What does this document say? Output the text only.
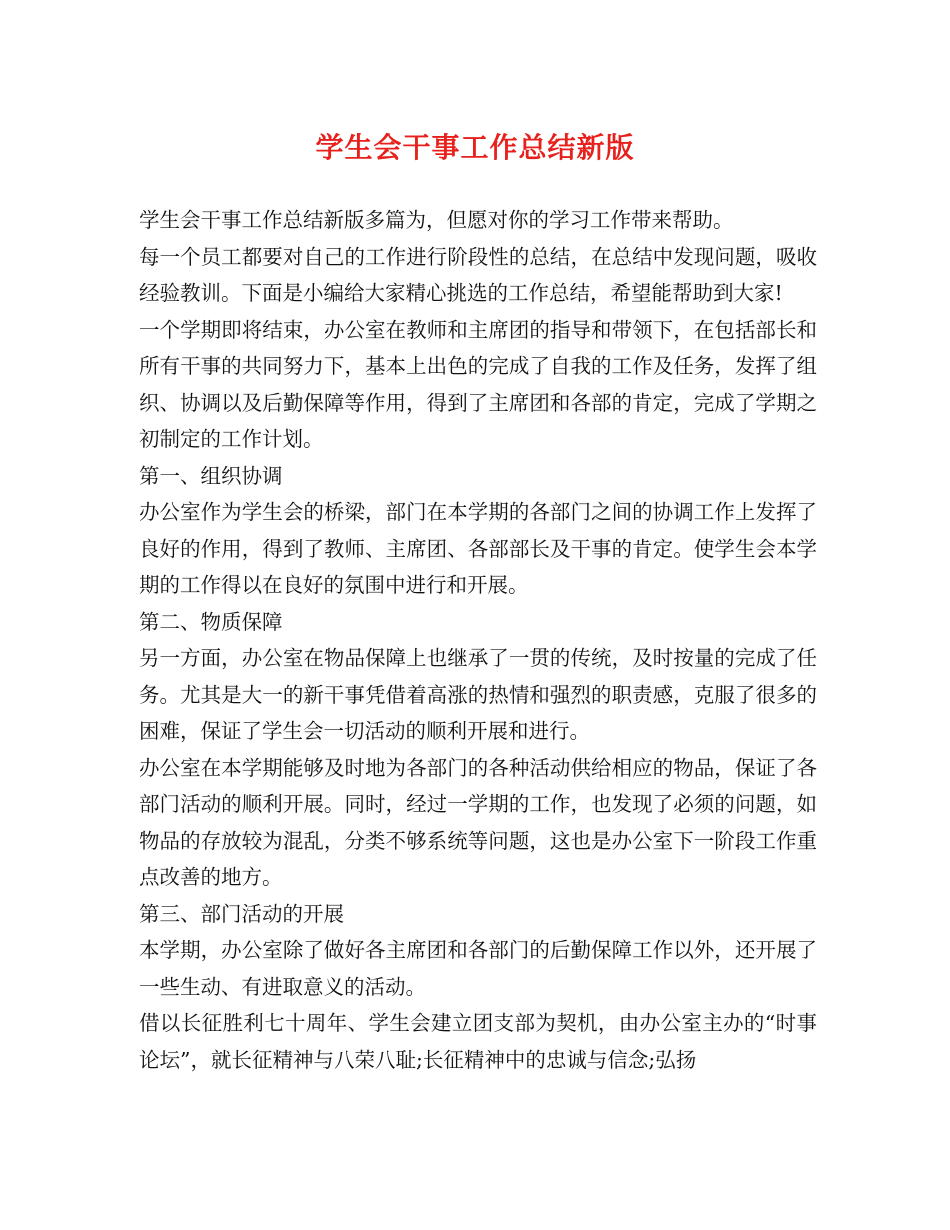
学生会干事工作总结新版

学生会干事工作总结新版多篇为，但愿对你的学习工作带来帮助。

每一个员工都要对自己的工作进行阶段性的总结，在总结中发现问题，吸收经验教训。下面是小编给大家精心挑选的工作总结，希望能帮助到大家!

一个学期即将结束，办公室在教师和主席团的指导和带领下，在包括部长和所有干事的共同努力下，基本上出色的完成了自我的工作及任务，发挥了组织、协调以及后勤保障等作用，得到了主席团和各部的肯定，完成了学期之初制定的工作计划。

第一、组织协调

办公室作为学生会的桥梁，部门在本学期的各部门之间的协调工作上发挥了良好的作用，得到了教师、主席团、各部部长及干事的肯定。使学生会本学期的工作得以在良好的氛围中进行和开展。

第二、物质保障

另一方面，办公室在物品保障上也继承了一贯的传统，及时按量的完成了任务。尤其是大一的新干事凭借着高涨的热情和强烈的职责感，克服了很多的困难，保证了学生会一切活动的顺利开展和进行。

办公室在本学期能够及时地为各部门的各种活动供给相应的物品，保证了各部门活动的顺利开展。同时，经过一学期的工作，也发现了必须的问题，如物品的存放较为混乱，分类不够系统等问题，这也是办公室下一阶段工作重点改善的地方。

第三、部门活动的开展

本学期，办公室除了做好各主席团和各部门的后勤保障工作以外，还开展了一些生动、有进取意义的活动。

借以长征胜利七十周年、学生会建立团支部为契机，由办公室主办的“时事论坛”，就长征精神与八荣八耻;长征精神中的忠诚与信念;弘扬
